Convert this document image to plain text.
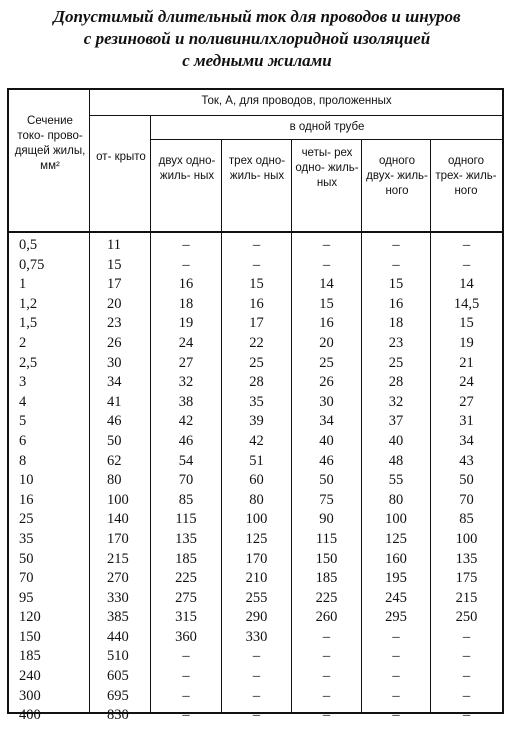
Допустимый длительный ток для проводов и шнуров
с резиновой и поливинилхлоридной изоляцией
с медными жилами
Сечение токо- прово- дящей жилы, мм²
Ток, А, для проводов, проложенных
от- крыто
в одной трубе
двух одно- жиль- ных
трех одно- жиль- ных
четы- рех одно- жиль- ных
одного двух- жиль- ного
одного трех- жиль- ного
0,5
0,75
1
1,2
1,5
2
2,5
3
4
5
6
8
10
16
25
35
50
70
95
120
150
185
240
300
400
11
15
17
20
23
26
30
34
41
46
50
62
80
100
140
170
215
270
330
385
440
510
605
695
830
–
–
16
18
19
24
27
32
38
42
46
54
70
85
115
135
185
225
275
315
360
–
–
–
–
–
–
15
16
17
22
25
28
35
39
42
51
60
80
100
125
170
210
255
290
330
–
–
–
–
–
–
14
15
16
20
25
26
30
34
40
46
50
75
90
115
150
185
225
260
–
–
–
–
–
–
–
15
16
18
23
25
28
32
37
40
48
55
80
100
125
160
195
245
295
–
–
–
–
–
–
–
14
14,5
15
19
21
24
27
31
34
43
50
70
85
100
135
175
215
250
–
–
–
–
–
